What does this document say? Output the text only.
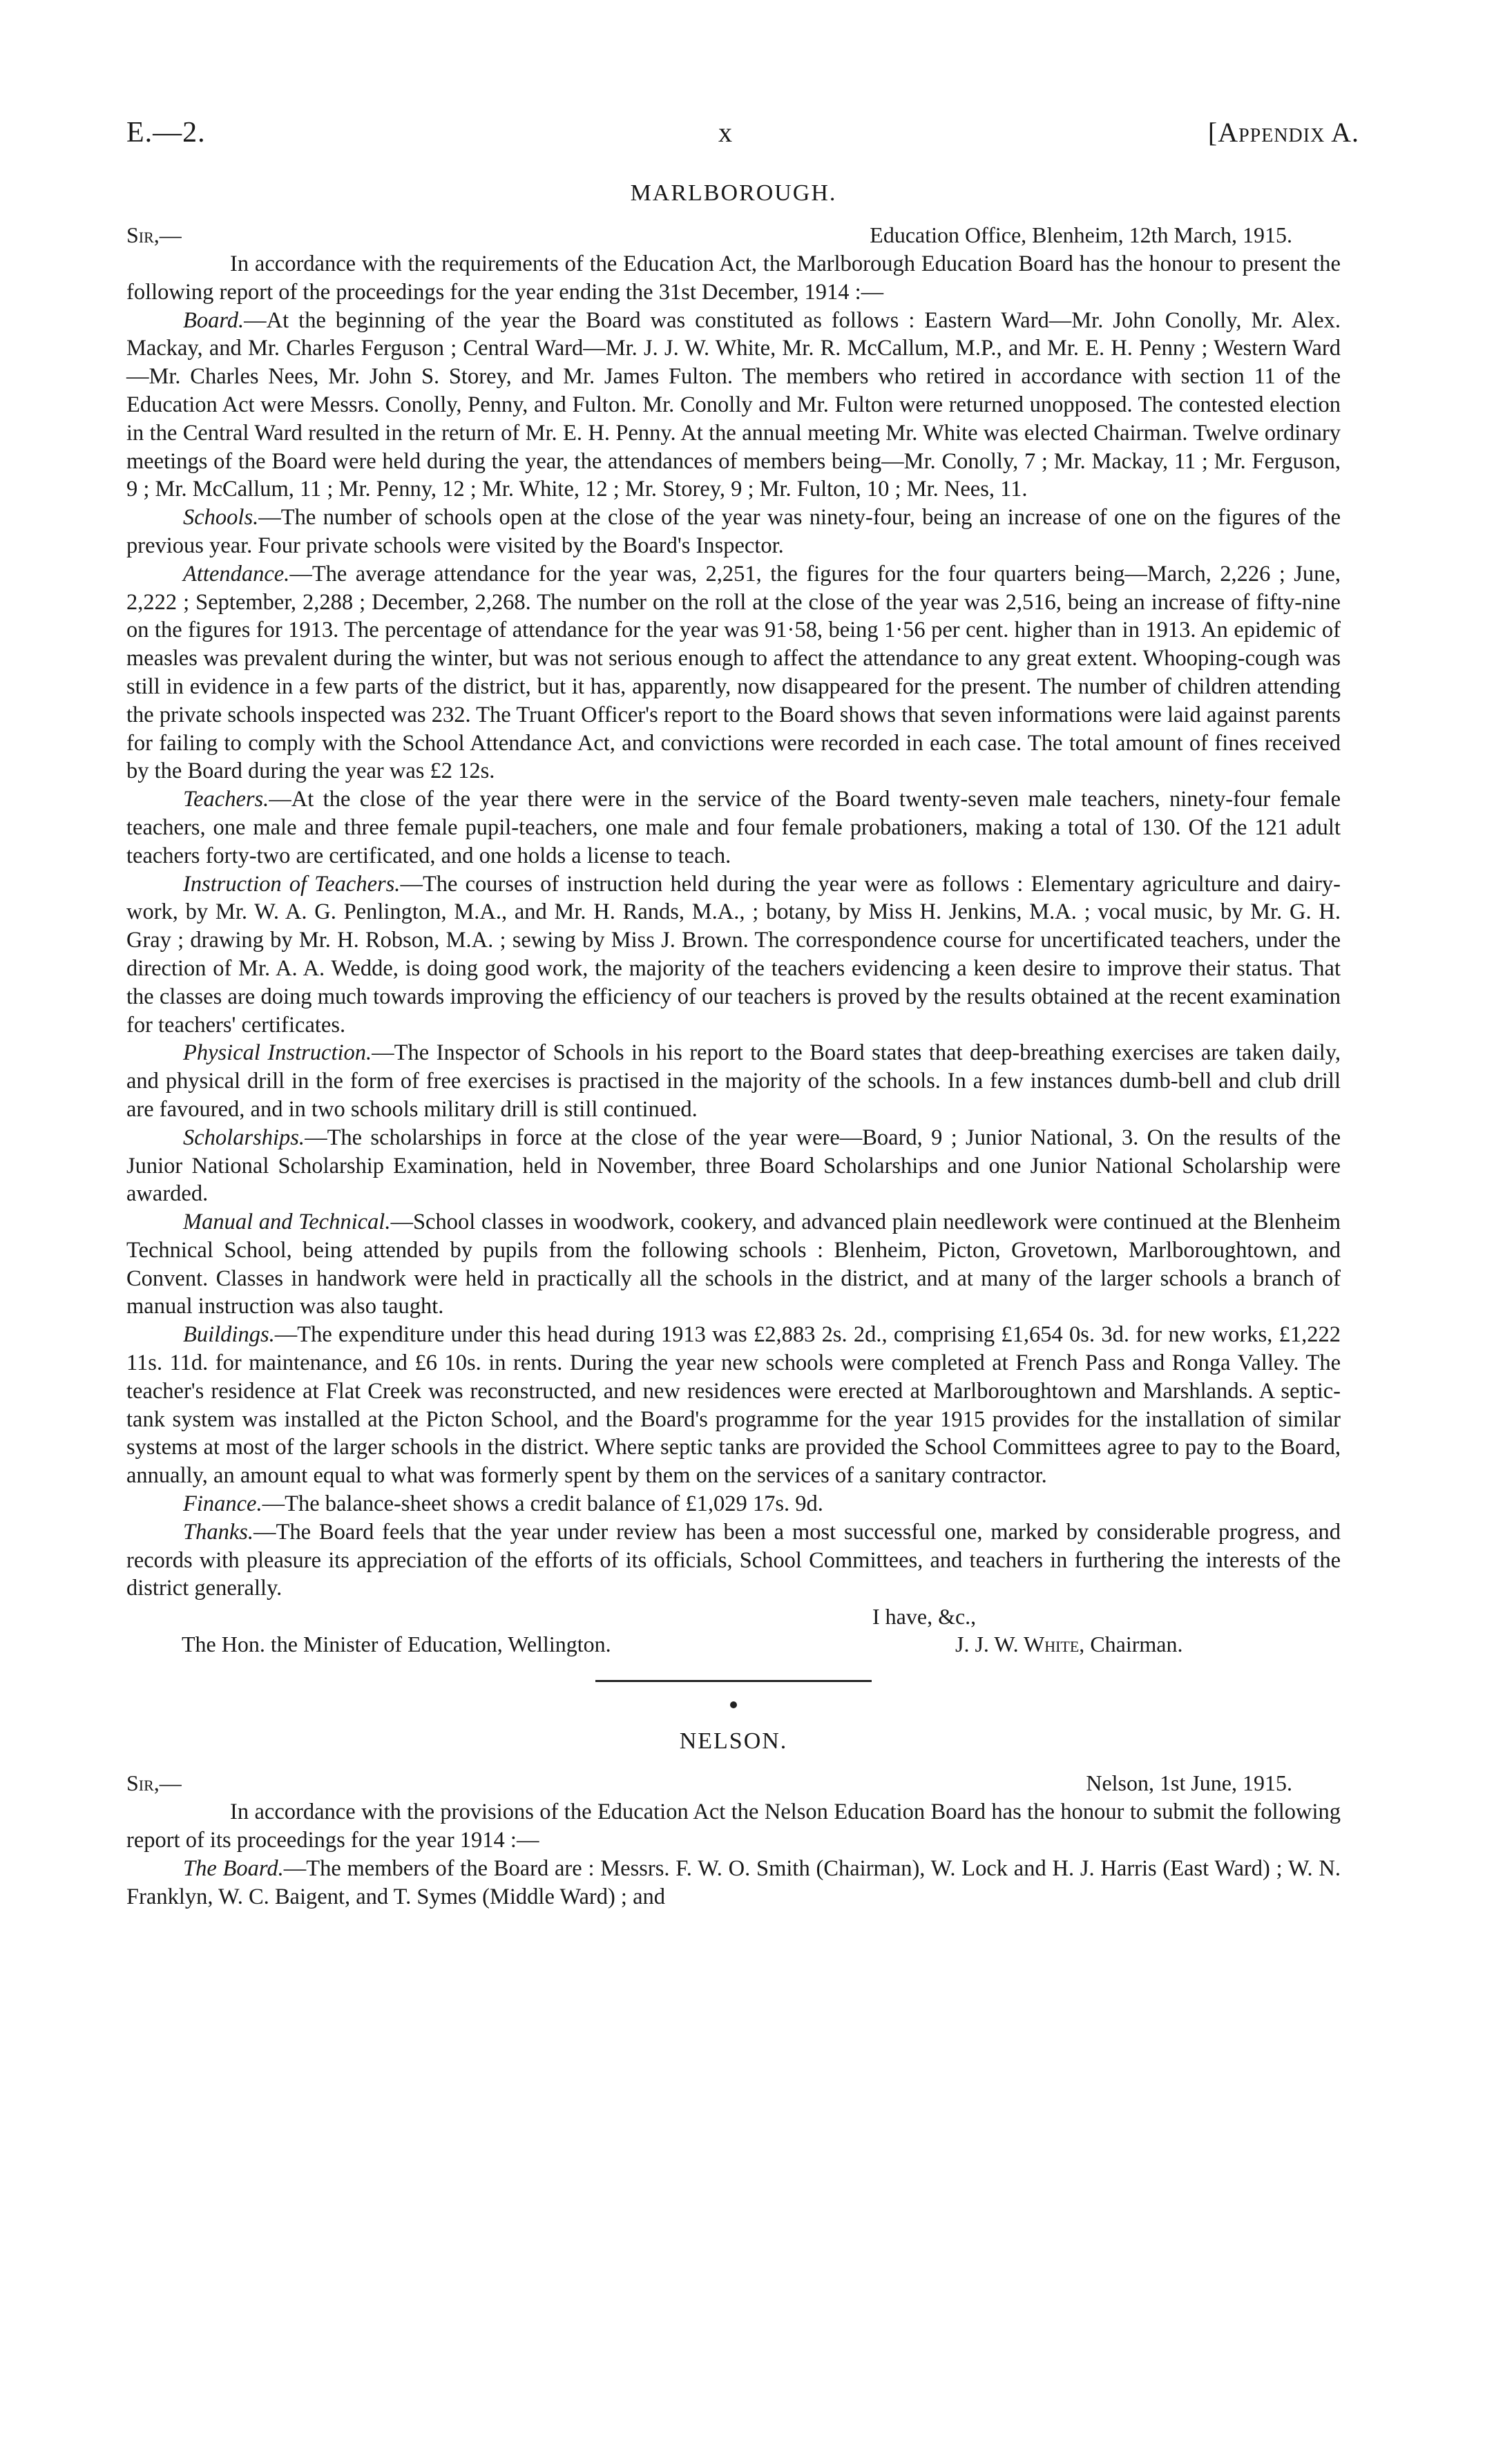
E.—2.	x	[Appendix A.
MARLBOROUGH.
Sir,—	Education Office, Blenheim, 12th March, 1915.

In accordance with the requirements of the Education Act, the Marlborough Education Board has the honour to present the following report of the proceedings for the year ending the 31st December, 1914 :—

Board.—At the beginning of the year the Board was constituted as follows : Eastern Ward—Mr. John Conolly, Mr. Alex. Mackay, and Mr. Charles Ferguson ; Central Ward—Mr. J. J. W. White, Mr. R. McCallum, M.P., and Mr. E. H. Penny ; Western Ward—Mr. Charles Nees, Mr. John S. Storey, and Mr. James Fulton. The members who retired in accordance with section 11 of the Education Act were Messrs. Conolly, Penny, and Fulton. Mr. Conolly and Mr. Fulton were returned unopposed. The contested election in the Central Ward resulted in the return of Mr. E. H. Penny. At the annual meeting Mr. White was elected Chairman. Twelve ordinary meetings of the Board were held during the year, the attendances of members being—Mr. Conolly, 7 ; Mr. Mackay, 11 ; Mr. Ferguson, 9 ; Mr. McCallum, 11 ; Mr. Penny, 12 ; Mr. White, 12 ; Mr. Storey, 9 ; Mr. Fulton, 10 ; Mr. Nees, 11.

Schools.—The number of schools open at the close of the year was ninety-four, being an increase of one on the figures of the previous year. Four private schools were visited by the Board's Inspector.

Attendance.—The average attendance for the year was, 2,251, the figures for the four quarters being—March, 2,226 ; June, 2,222 ; September, 2,288 ; December, 2,268. The number on the roll at the close of the year was 2,516, being an increase of fifty-nine on the figures for 1913. The percentage of attendance for the year was 91·58, being 1·56 per cent. higher than in 1913. An epidemic of measles was prevalent during the winter, but was not serious enough to affect the attendance to any great extent. Whooping-cough was still in evidence in a few parts of the district, but it has, apparently, now disappeared for the present. The number of children attending the private schools inspected was 232. The Truant Officer's report to the Board shows that seven informations were laid against parents for failing to comply with the School Attendance Act, and convictions were recorded in each case. The total amount of fines received by the Board during the year was £2 12s.

Teachers.—At the close of the year there were in the service of the Board twenty-seven male teachers, ninety-four female teachers, one male and three female pupil-teachers, one male and four female probationers, making a total of 130. Of the 121 adult teachers forty-two are certificated, and one holds a license to teach.

Instruction of Teachers.—The courses of instruction held during the year were as follows : Elementary agriculture and dairy-work, by Mr. W. A. G. Penlington, M.A., and Mr. H. Rands, M.A., ; botany, by Miss H. Jenkins, M.A. ; vocal music, by Mr. G. H. Gray ; drawing by Mr. H. Robson, M.A. ; sewing by Miss J. Brown. The correspondence course for uncertificated teachers, under the direction of Mr. A. A. Wedde, is doing good work, the majority of the teachers evidencing a keen desire to improve their status. That the classes are doing much towards improving the efficiency of our teachers is proved by the results obtained at the recent examination for teachers' certificates.

Physical Instruction.—The Inspector of Schools in his report to the Board states that deep-breathing exercises are taken daily, and physical drill in the form of free exercises is practised in the majority of the schools. In a few instances dumb-bell and club drill are favoured, and in two schools military drill is still continued.

Scholarships.—The scholarships in force at the close of the year were—Board, 9 ; Junior National, 3. On the results of the Junior National Scholarship Examination, held in November, three Board Scholarships and one Junior National Scholarship were awarded.

Manual and Technical.—School classes in woodwork, cookery, and advanced plain needlework were continued at the Blenheim Technical School, being attended by pupils from the following schools : Blenheim, Picton, Grovetown, Marlboroughtown, and Convent. Classes in handwork were held in practically all the schools in the district, and at many of the larger schools a branch of manual instruction was also taught.

Buildings.—The expenditure under this head during 1913 was £2,883 2s. 2d., comprising £1,654 0s. 3d. for new works, £1,222 11s. 11d. for maintenance, and £6 10s. in rents. During the year new schools were completed at French Pass and Ronga Valley. The teacher's residence at Flat Creek was reconstructed, and new residences were erected at Marlboroughtown and Marshlands. A septic-tank system was installed at the Picton School, and the Board's programme for the year 1915 provides for the installation of similar systems at most of the larger schools in the district. Where septic tanks are provided the School Committees agree to pay to the Board, annually, an amount equal to what was formerly spent by them on the services of a sanitary contractor.

Finance.—The balance-sheet shows a credit balance of £1,029 17s. 9d.

Thanks.—The Board feels that the year under review has been a most successful one, marked by considerable progress, and records with pleasure its appreciation of the efforts of its officials, School Committees, and teachers in furthering the interests of the district generally.

I have, &c.,
The Hon. the Minister of Education, Wellington.	J. J. W. White, Chairman.
NELSON.
Sir,—	Nelson, 1st June, 1915.

In accordance with the provisions of the Education Act the Nelson Education Board has the honour to submit the following report of its proceedings for the year 1914 :—

The Board.—The members of the Board are : Messrs. F. W. O. Smith (Chairman), W. Lock and H. J. Harris (East Ward) ; W. N. Franklyn, W. C. Baigent, and T. Symes (Middle Ward) ; and
